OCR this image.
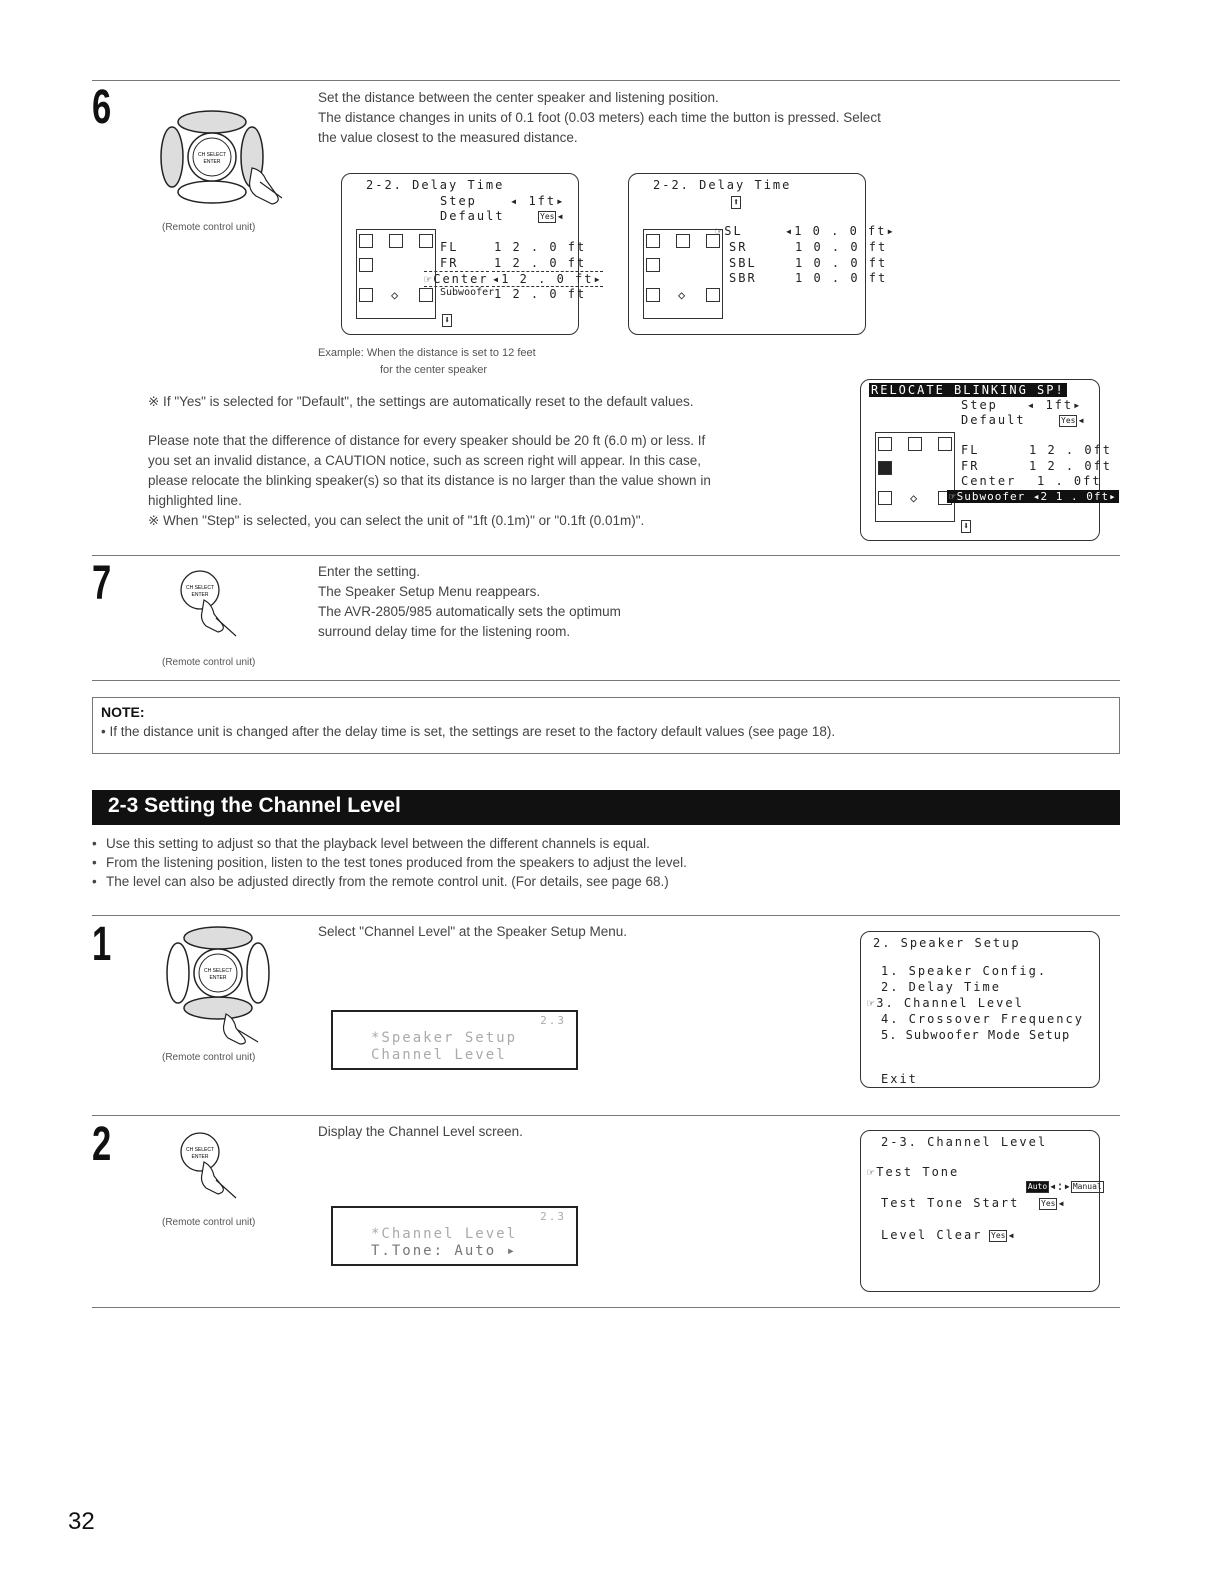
6
CH SELECT
ENTER
(Remote control unit)
Set the distance between the center speaker and listening position.
The distance changes in units of 0.1 foot (0.03 meters) each time the button is pressed. Select
the value closest to the measured distance.
2-2. Delay Time
Step	◂ 1ft▸
Default	Yes ◂
◇
FL	1 2 . 0 ft
FR	1 2 . 0 ft
☞Center ◂1 2 . 0 ft▸
Subwoofer 1 2 . 0 ft
⬇
2-2. Delay Time
⬆
◇
☞SL	◂1 0 . 0 ft▸
SR	1 0 . 0 ft
SBL	1 0 . 0 ft
SBR	1 0 . 0 ft
Example: When the distance is set to 12 feet
for the center speaker
※ If "Yes" is selected for "Default", the settings are automatically reset to the default values.
Please note that the difference of distance for every speaker should be 20 ft (6.0 m) or less. If
you set an invalid distance, a CAUTION notice, such as screen right will appear. In this case,
please relocate the blinking speaker(s) so that its distance is no larger than the value shown in
highlighted line.
※ When "Step" is selected, you can select the unit of "1ft (0.1m)" or "0.1ft (0.01m)".
RELOCATE BLINKING SP!
Step ◂ 1ft▸
Default	Yes ◂
◇
FL	1 2 . 0ft
FR	1 2 . 0ft
Center 1 . 0ft
☞Subwoofer ◂2 1 . 0ft▸
⬇
7	CH SELECT
ENTER
(Remote control unit)
Enter the setting.
The Speaker Setup Menu reappears.
The AVR-2805/985 automatically sets the optimum
surround delay time for the listening room.
NOTE:
• If the distance unit is changed after the delay time is set, the settings are reset to the factory default values (see page 18).
2-3 Setting the Channel Level
• Use this setting to adjust so that the playback level between the different channels is equal.
• From the listening position, listen to the test tones produced from the speakers to adjust the level.
• The level can also be adjusted directly from the remote control unit. (For details, see page 68.)
1	CH SELECT
ENTER
(Remote control unit)
Select "Channel Level" at the Speaker Setup Menu.
2.3
*Speaker Setup
Channel Level
2. Speaker Setup
1. Speaker Config.
2. Delay Time
☞3. Channel Level
4. Crossover Frequency
5. Subwoofer Mode Setup
Exit
2	CH SELECT
ENTER
(Remote control unit)
Display the Channel Level screen.
2.3
*Channel Level
T.Tone: Auto ▸
2-3. Channel Level
☞Test Tone

Auto ◂:▸ Manual

Test Tone Start	Yes ◂
Level Clear Yes ◂
32
